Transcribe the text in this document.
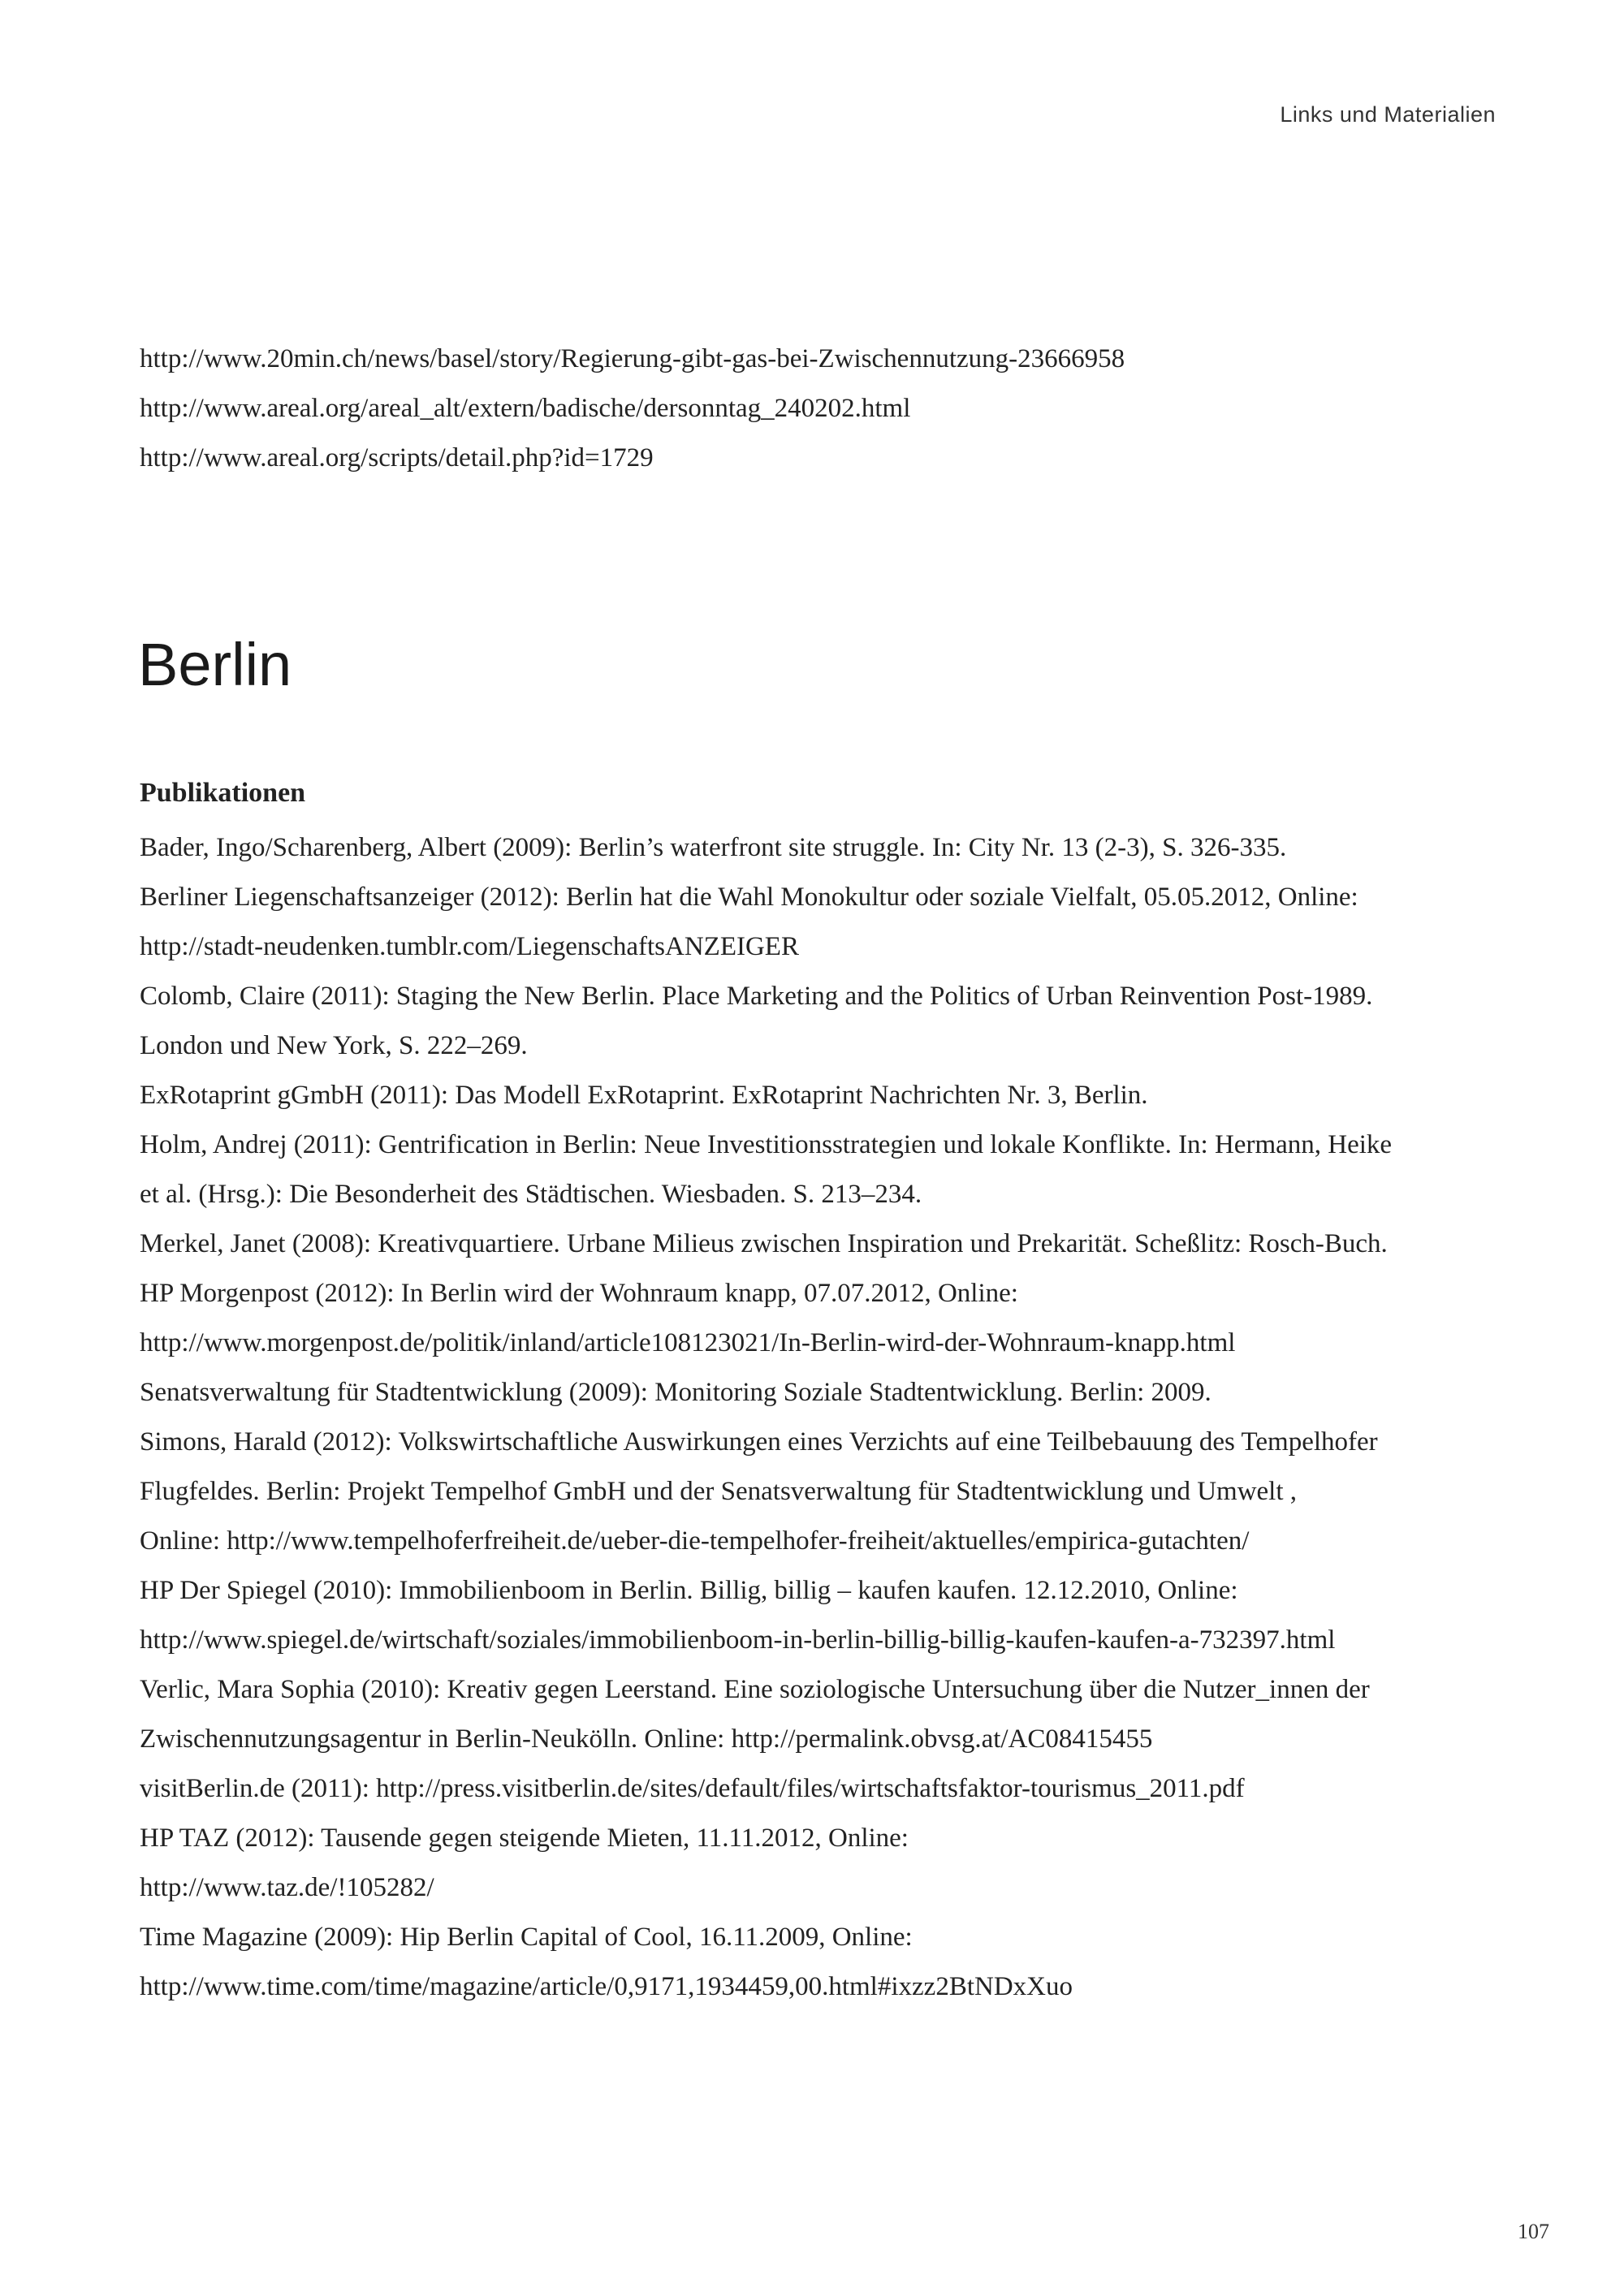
Links und Materialien

http://www.20min.ch/news/basel/story/Regierung-gibt-gas-bei-Zwischennutzung-23666958
http://www.areal.org/areal_alt/extern/badische/dersonntag_240202.html
http://www.areal.org/scripts/detail.php?id=1729
Berlin
Publikationen
Bader, Ingo/Scharenberg, Albert (2009): Berlin’s waterfront site struggle. In: City Nr. 13 (2-3), S. 326-335.
Berliner Liegenschaftsanzeiger (2012): Berlin hat die Wahl Monokultur oder soziale Vielfalt, 05.05.2012, Online:
http://stadt-neudenken.tumblr.com/LiegenschaftsANZEIGER
Colomb, Claire (2011): Staging the New Berlin. Place Marketing and the Politics of Urban Reinvention Post-1989.
London und New York, S. 222–269.
ExRotaprint gGmbH (2011): Das Modell ExRotaprint. ExRotaprint Nachrichten Nr. 3, Berlin.
Holm, Andrej (2011): Gentrification in Berlin: Neue Investitionsstrategien und lokale Konflikte. In: Hermann, Heike
et al. (Hrsg.): Die Besonderheit des Städtischen. Wiesbaden. S. 213–234.
Merkel, Janet (2008): Kreativquartiere. Urbane Milieus zwischen Inspiration und Prekarität. Scheßlitz: Rosch-Buch.
HP Morgenpost (2012): In Berlin wird der Wohnraum knapp, 07.07.2012, Online:
http://www.morgenpost.de/politik/inland/article108123021/In-Berlin-wird-der-Wohnraum-knapp.html
Senatsverwaltung für Stadtentwicklung (2009): Monitoring Soziale Stadtentwicklung. Berlin: 2009.
Simons, Harald (2012): Volkswirtschaftliche Auswirkungen eines Verzichts auf eine Teilbebauung des Tempelhofer
Flugfeldes. Berlin: Projekt Tempelhof GmbH und der Senatsverwaltung für Stadtentwicklung und Umwelt ,
Online: http://www.tempelhoferfreiheit.de/ueber-die-tempelhofer-freiheit/aktuelles/empirica-gutachten/
HP Der Spiegel (2010): Immobilienboom in Berlin. Billig, billig – kaufen kaufen. 12.12.2010, Online:
http://www.spiegel.de/wirtschaft/soziales/immobilienboom-in-berlin-billig-billig-kaufen-kaufen-a-732397.html
Verlic, Mara Sophia (2010): Kreativ gegen Leerstand. Eine soziologische Untersuchung über die Nutzer_innen der
Zwischennutzungsagentur in Berlin-Neukölln. Online: http://permalink.obvsg.at/AC08415455
visitBerlin.de (2011): http://press.visitberlin.de/sites/default/files/wirtschaftsfaktor-tourismus_2011.pdf
HP TAZ (2012): Tausende gegen steigende Mieten, 11.11.2012, Online:
http://www.taz.de/!105282/
Time Magazine (2009): Hip Berlin Capital of Cool, 16.11.2009, Online:
http://www.time.com/time/magazine/article/0,9171,1934459,00.html#ixzz2BtNDxXuo

107
